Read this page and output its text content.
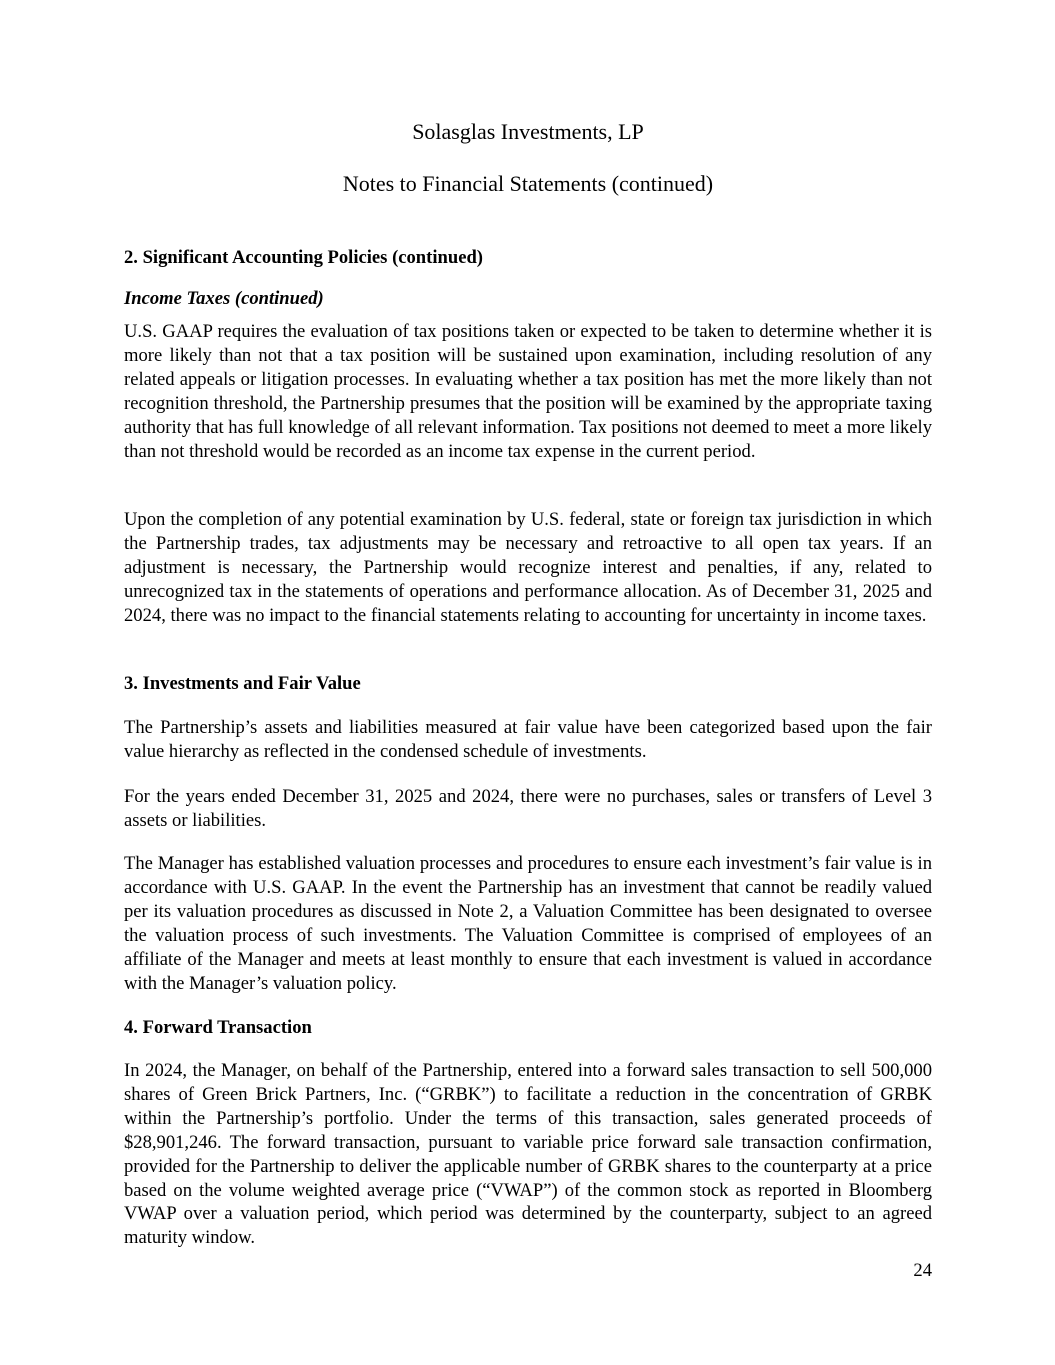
Solasglas Investments, LP
Notes to Financial Statements (continued)
2. Significant Accounting Policies (continued)
Income Taxes (continued)
U.S. GAAP requires the evaluation of tax positions taken or expected to be taken to determine whether it is more likely than not that a tax position will be sustained upon examination, including resolution of any related appeals or litigation processes. In evaluating whether a tax position has met the more likely than not recognition threshold, the Partnership presumes that the position will be examined by the appropriate taxing authority that has full knowledge of all relevant information. Tax positions not deemed to meet a more likely than not threshold would be recorded as an income tax expense in the current period.
Upon the completion of any potential examination by U.S. federal, state or foreign tax jurisdiction in which the Partnership trades, tax adjustments may be necessary and retroactive to all open tax years. If an adjustment is necessary, the Partnership would recognize interest and penalties, if any, related to unrecognized tax in the statements of operations and performance allocation. As of December 31, 2025 and 2024, there was no impact to the financial statements relating to accounting for uncertainty in income taxes.
3. Investments and Fair Value
The Partnership’s assets and liabilities measured at fair value have been categorized based upon the fair value hierarchy as reflected in the condensed schedule of investments.
For the years ended December 31, 2025 and 2024, there were no purchases, sales or transfers of Level 3 assets or liabilities.
The Manager has established valuation processes and procedures to ensure each investment’s fair value is in accordance with U.S. GAAP. In the event the Partnership has an investment that cannot be readily valued per its valuation procedures as discussed in Note 2, a Valuation Committee has been designated to oversee the valuation process of such investments. The Valuation Committee is comprised of employees of an affiliate of the Manager and meets at least monthly to ensure that each investment is valued in accordance with the Manager’s valuation policy.
4. Forward Transaction
In 2024, the Manager, on behalf of the Partnership, entered into a forward sales transaction to sell 500,000 shares of Green Brick Partners, Inc. (“GRBK”) to facilitate a reduction in the concentration of GRBK within the Partnership’s portfolio. Under the terms of this transaction, sales generated proceeds of $28,901,246. The forward transaction, pursuant to variable price forward sale transaction confirmation, provided for the Partnership to deliver the applicable number of GRBK shares to the counterparty at a price based on the volume weighted average price (“VWAP”) of the common stock as reported in Bloomberg VWAP over a valuation period, which period was determined by the counterparty, subject to an agreed maturity window.
24
